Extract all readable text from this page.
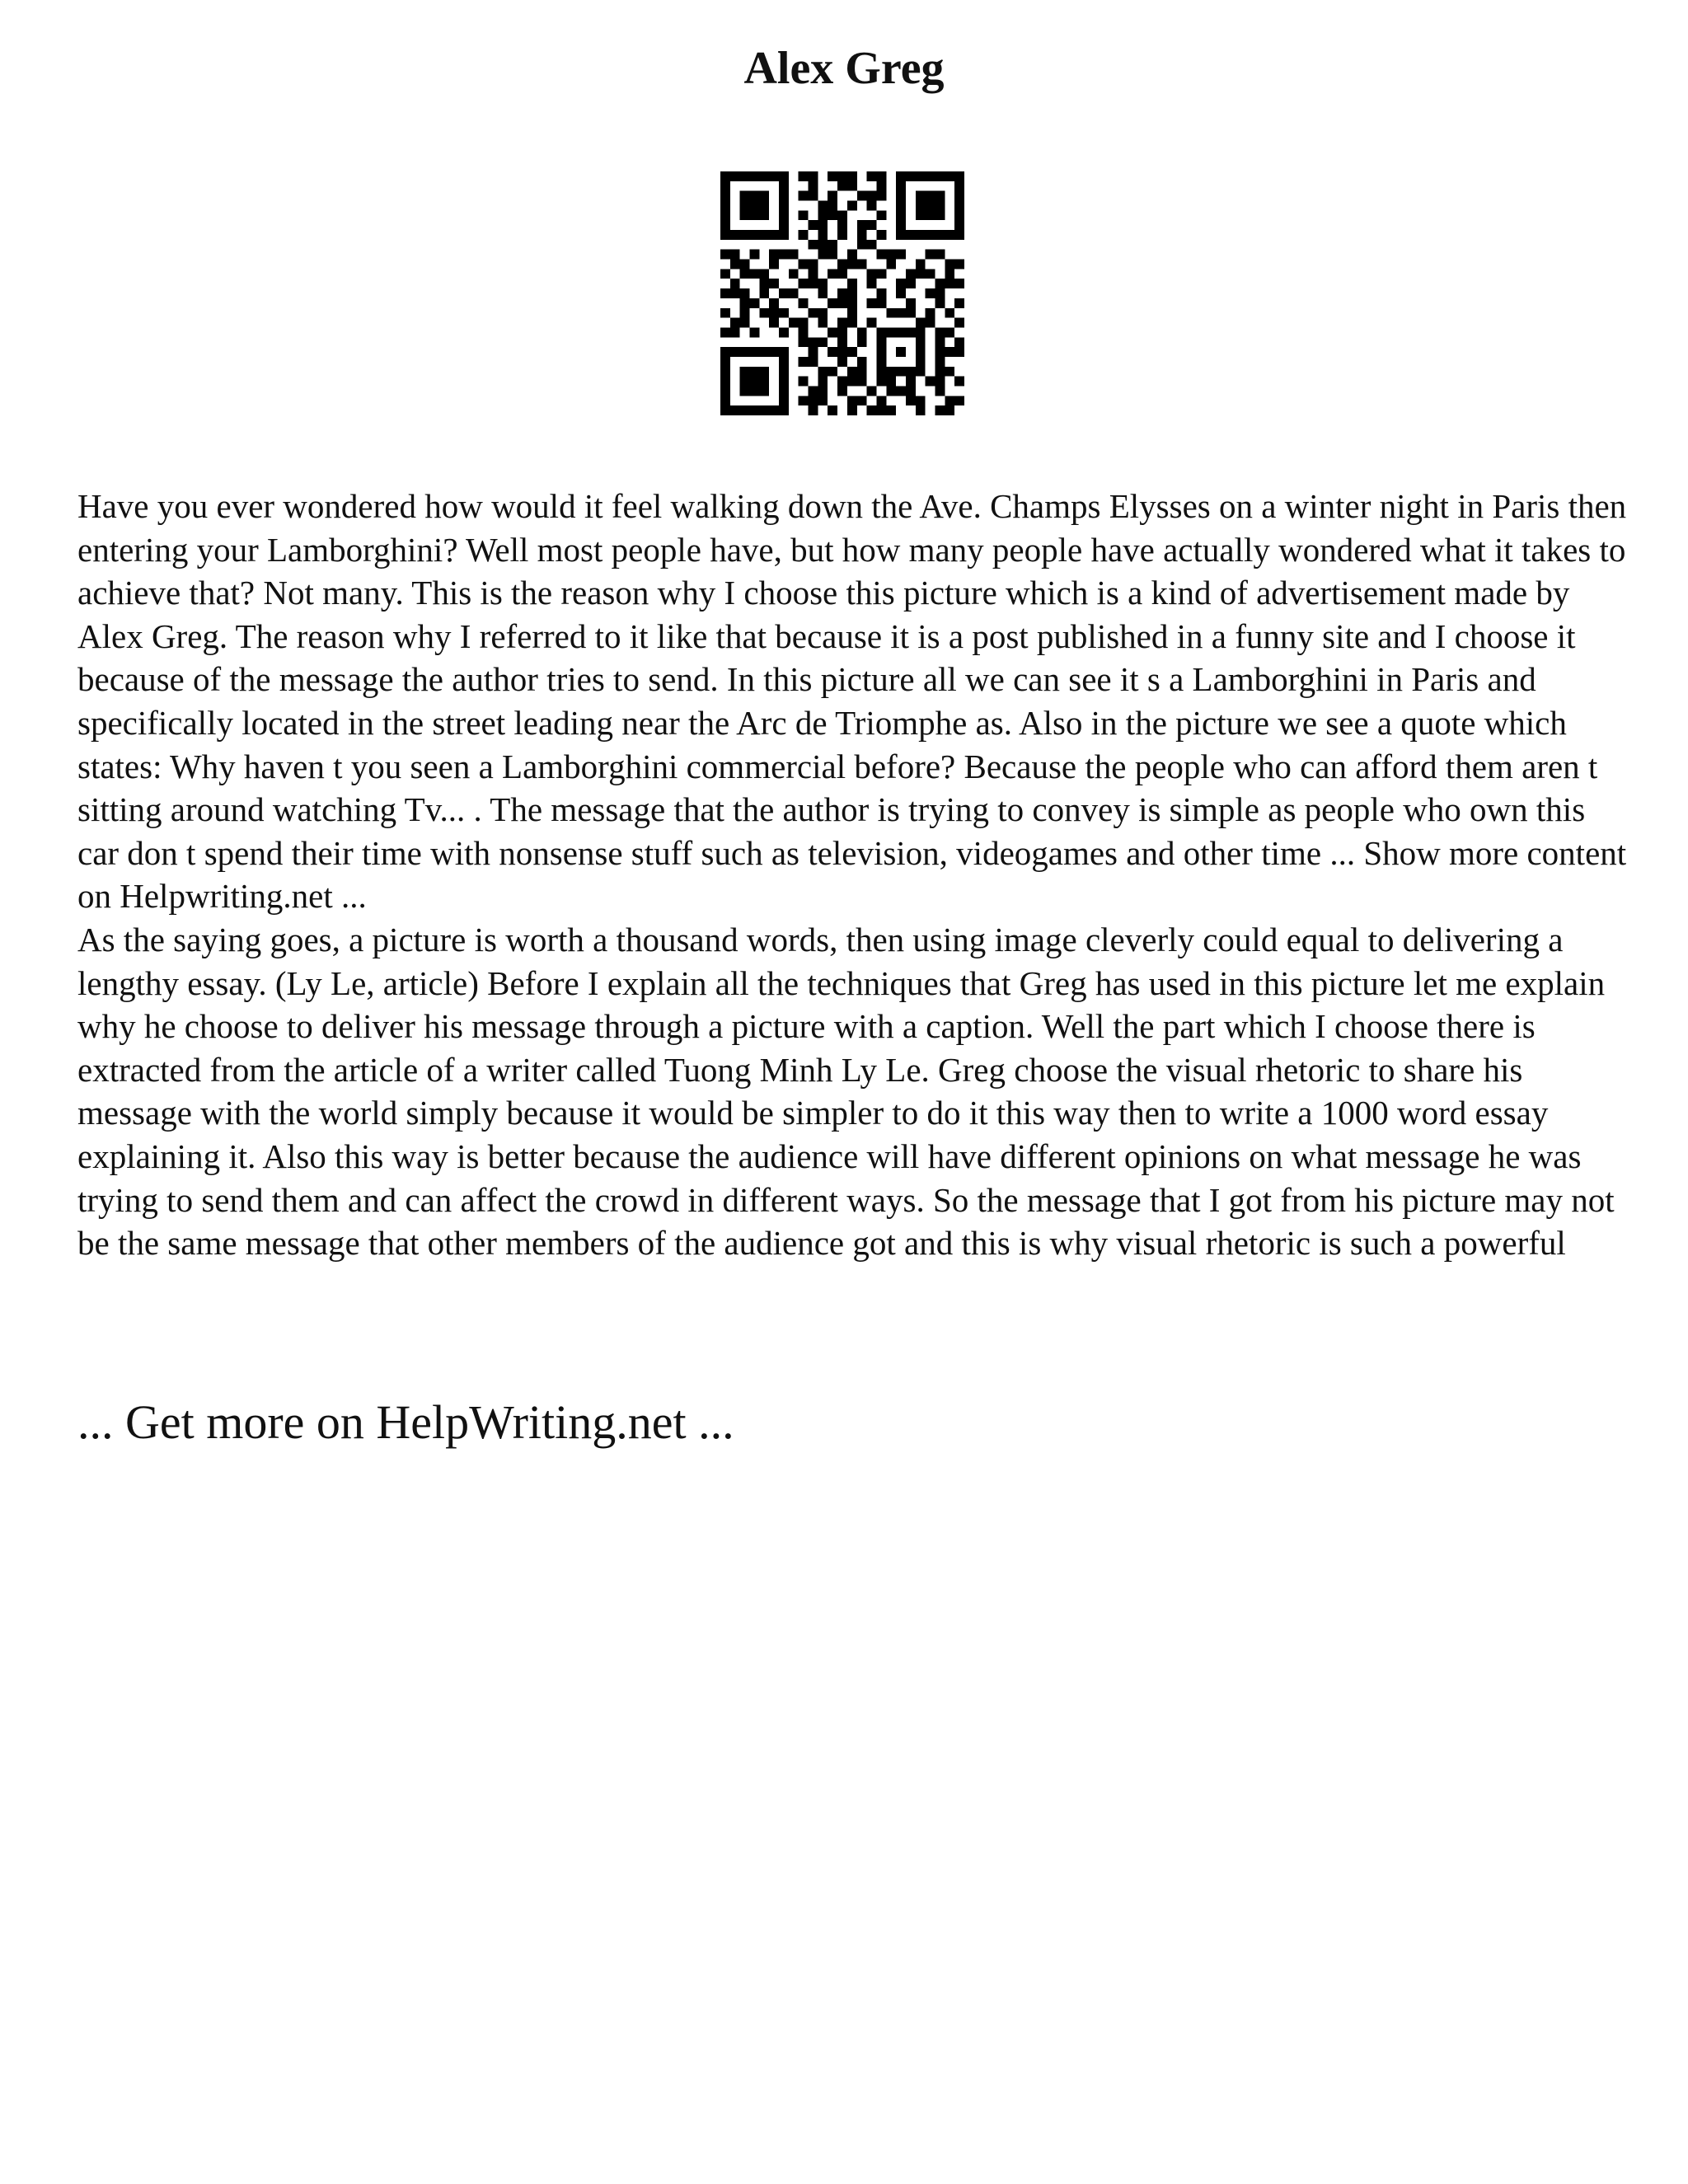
Alex Greg

Have you ever wondered how would it feel walking down the Ave. Champs Elysses on a winter night in Paris then entering your Lamborghini? Well most people have, but how many people have actually wondered what it takes to achieve that? Not many. This is the reason why I choose this picture which is a kind of advertisement made by Alex Greg. The reason why I referred to it like that because it is a post published in a funny site and I choose it because of the message the author tries to send. In this picture all we can see it s a Lamborghini in Paris and specifically located in the street leading near the Arc de Triomphe as. Also in the picture we see a quote which states: Why haven t you seen a Lamborghini commercial before? Because the people who can afford them aren t sitting around watching Tv... . The message that the author is trying to convey is simple as people who own this car don t spend their time with nonsense stuff such as television, videogames and other time ... Show more content on Helpwriting.net ...

As the saying goes, a picture is worth a thousand words, then using image cleverly could equal to delivering a lengthy essay. (Ly Le, article) Before I explain all the techniques that Greg has used in this picture let me explain why he choose to deliver his message through a picture with a caption. Well the part which I choose there is extracted from the article of a writer called Tuong Minh Ly Le. Greg choose the visual rhetoric to share his message with the world simply because it would be simpler to do it this way then to write a 1000 word essay explaining it. Also this way is better because the audience will have different opinions on what message he was trying to send them and can affect the crowd in different ways. So the message that I got from his picture may not be the same message that other members of the audience got and this is why visual rhetoric is such a powerful

... Get more on HelpWriting.net ...
